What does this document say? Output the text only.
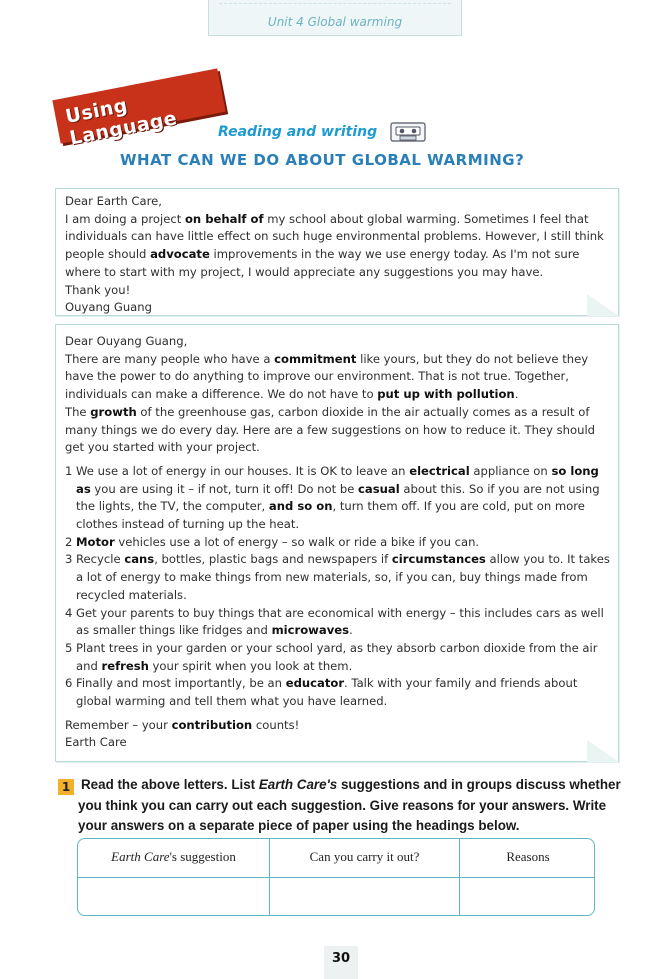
Unit 4 Global warming
Using Language	Reading and writing
WHAT CAN WE DO ABOUT GLOBAL WARMING?

Dear Earth Care,

I am doing a project on behalf of my school about global warming. Sometimes I feel that individuals can have little effect on such huge environmental problems. However, I still think people should advocate improvements in the way we use energy today. As I'm not sure where to start with my project, I would appreciate any suggestions you may have.

Thank you!

Ouyang Guang

Dear Ouyang Guang,

There are many people who have a commitment like yours, but they do not believe they have the power to do anything to improve our environment. That is not true. Together, individuals can make a difference. We do not have to put up with pollution.

The growth of the greenhouse gas, carbon dioxide in the air actually comes as a result of many things we do every day. Here are a few suggestions on how to reduce it. They should get you started with your project.

1 We use a lot of energy in our houses. It is OK to leave an electrical appliance on so long as you are using it – if not, turn it off! Do not be casual about this. So if you are not using the lights, the TV, the computer, and so on, turn them off. If you are cold, put on more clothes instead of turning up the heat.
2 Motor vehicles use a lot of energy – so walk or ride a bike if you can.
3 Recycle cans, bottles, plastic bags and newspapers if circumstances allow you to. It takes a lot of energy to make things from new materials, so, if you can, buy things made from recycled materials.
4 Get your parents to buy things that are economical with energy – this includes cars as well as smaller things like fridges and microwaves.
5 Plant trees in your garden or your school yard, as they absorb carbon dioxide from the air and refresh your spirit when you look at them.
6 Finally and most importantly, be an educator. Talk with your family and friends about global warming and tell them what you have learned.

Remember – your contribution counts!

Earth Care

1 Read the above letters. List Earth Care's suggestions and in groups discuss whether you think you can carry out each suggestion. Give reasons for your answers. Write your answers on a separate piece of paper using the headings below.
Earth Care's suggestion	Can you carry it out?	Reasons
30
